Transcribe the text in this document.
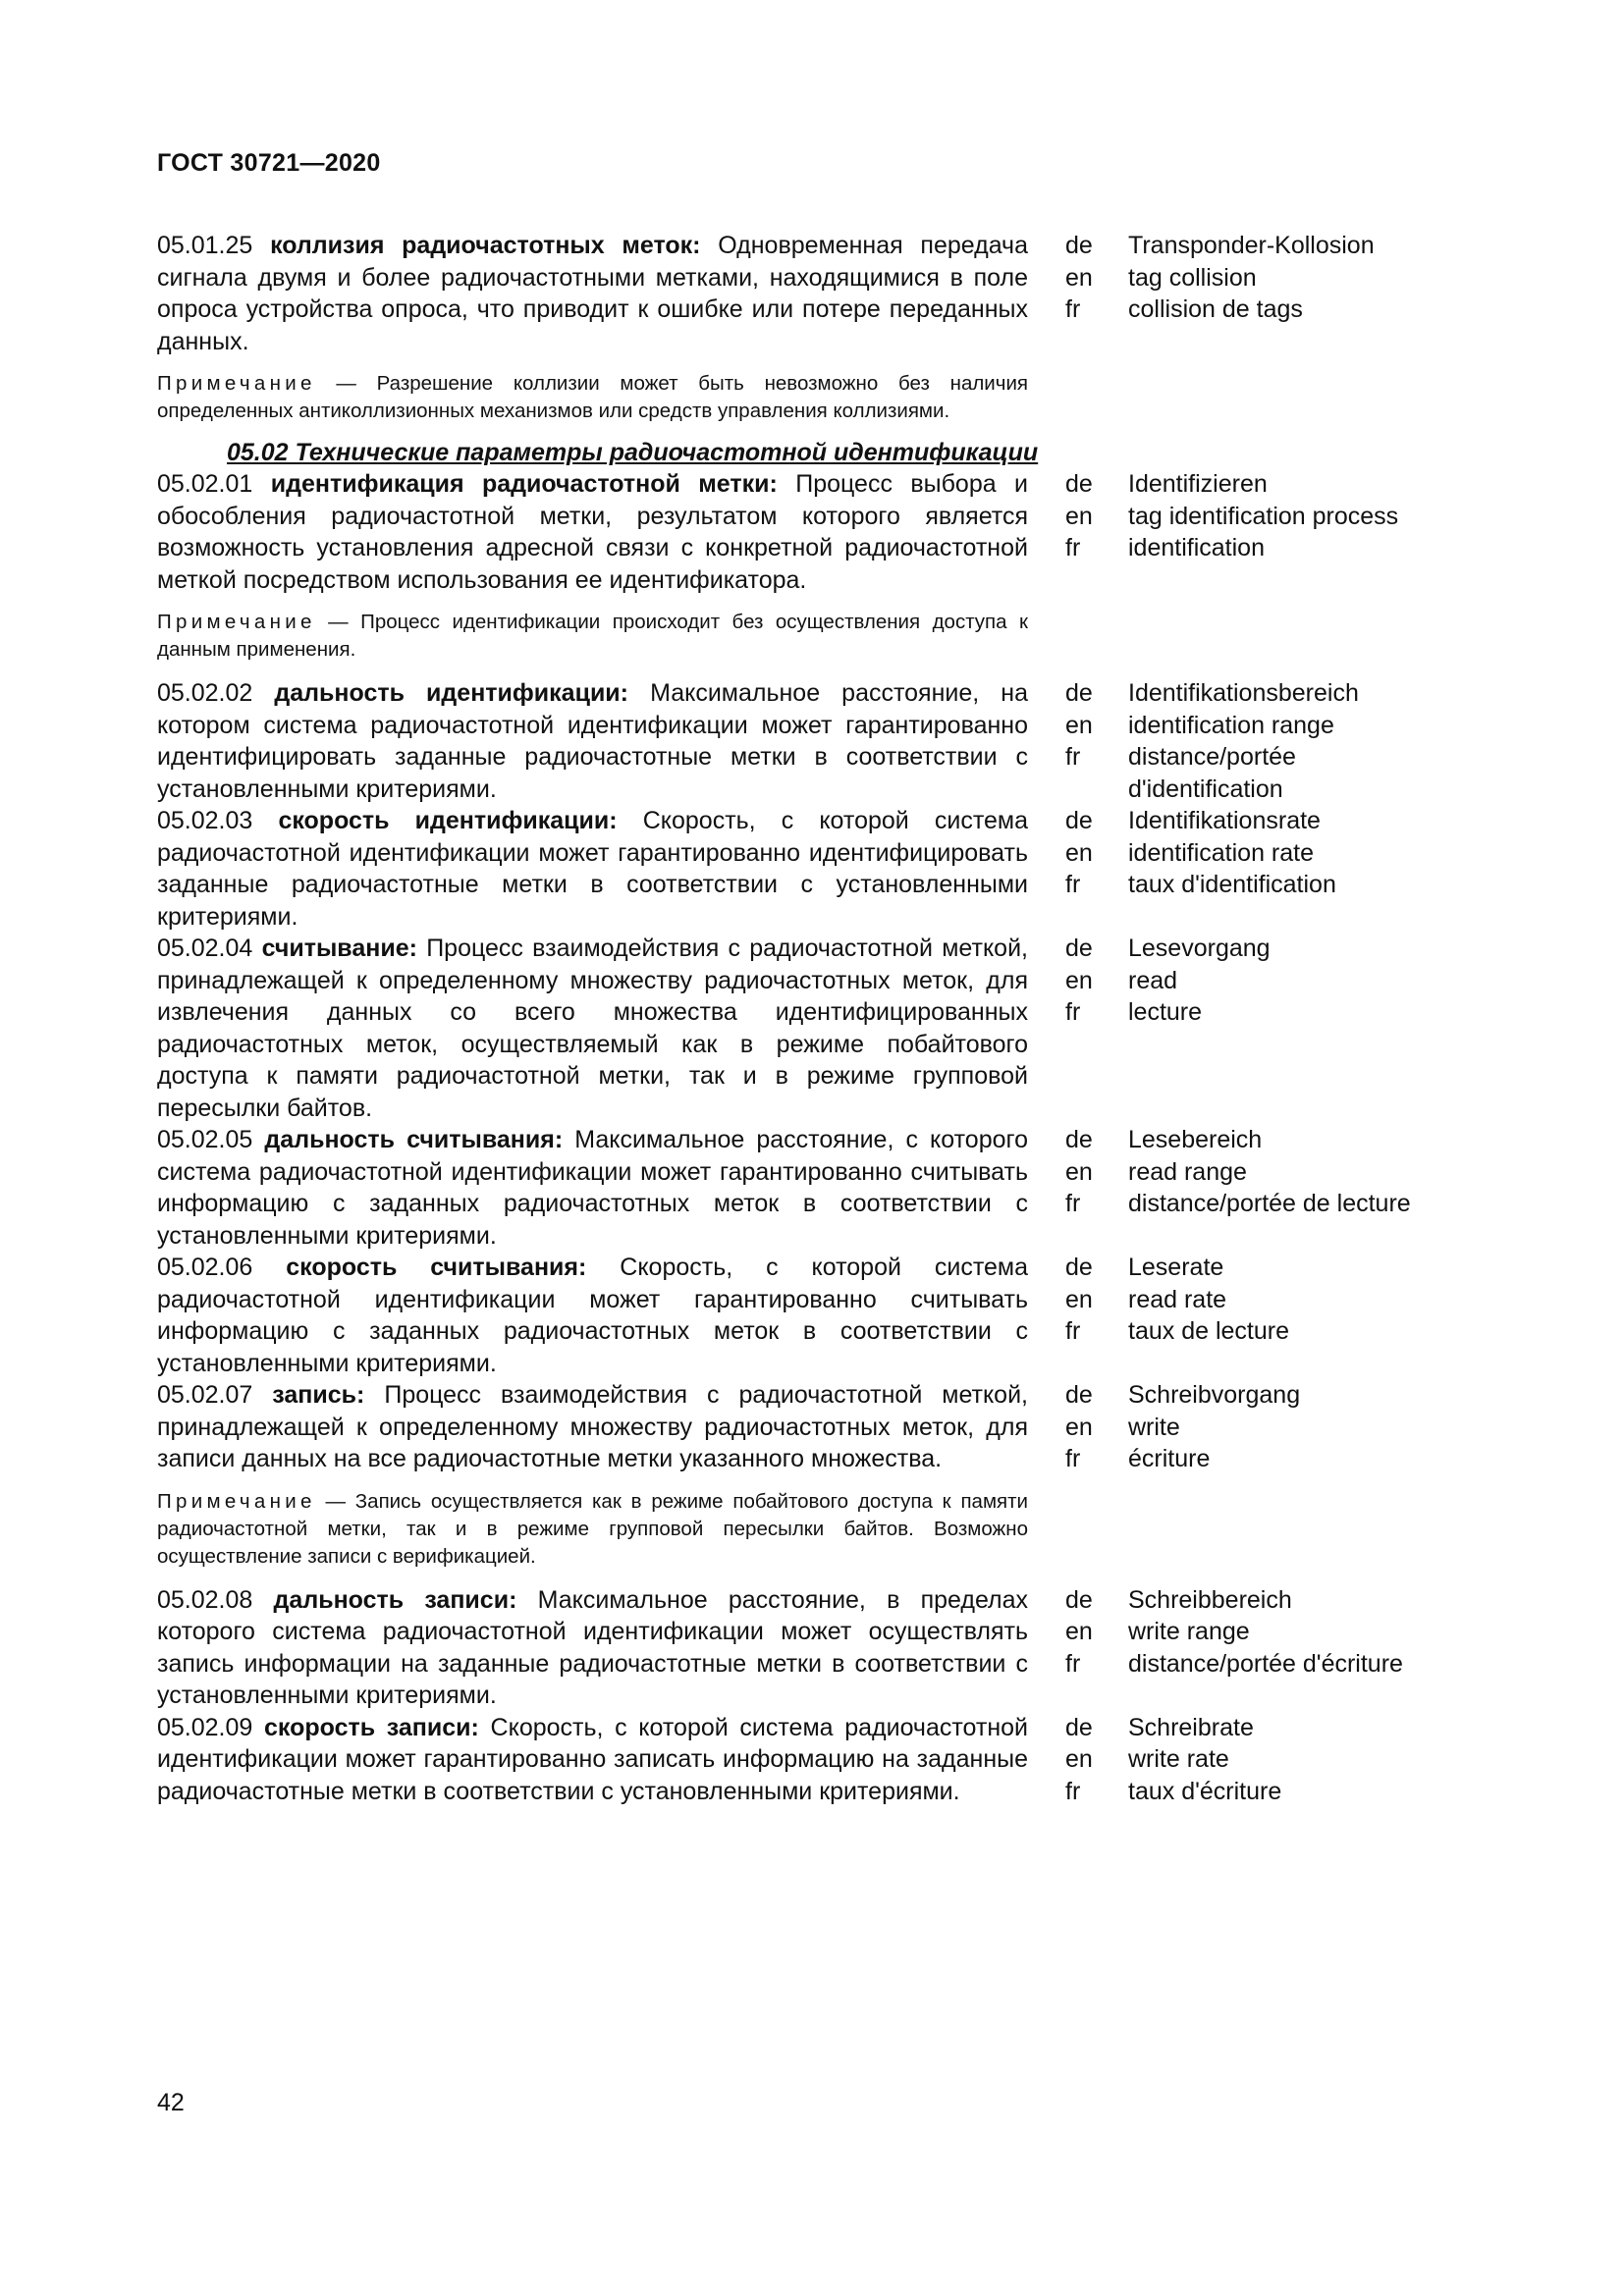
ГОСТ 30721—2020
05.01.25 коллизия радиочастотных меток: Одновременная передача сигнала двумя и более радиочастотными метками, находящимися в поле опроса устройства опроса, что приводит к ошибке или потере переданных данных.
de	Transponder-Kollosion
en	tag collision
fr	collision de tags
Примечание — Разрешение коллизии может быть невозможно без наличия определенных антиколлизионных механизмов или средств управления коллизиями.
05.02 Технические параметры радиочастотной идентификации
05.02.01 идентификация радиочастотной метки: Процесс выбора и обособления радиочастотной метки, результатом которого является возможность установления адресной связи с конкретной радиочастотной меткой посредством использования ее идентификатора.
de	Identifizieren
en	tag identification process
fr	identification
Примечание — Процесс идентификации происходит без осуществления доступа к данным применения.
05.02.02 дальность идентификации: Максимальное расстояние, на котором система радиочастотной идентификации может гарантированно идентифицировать заданные радиочастотные метки в соответствии с установленными критериями.
de	Identifikationsbereich
en	identification range
fr	distance/portée d'identification
05.02.03 скорость идентификации: Скорость, с которой система радиочастотной идентификации может гарантированно идентифицировать заданные радиочастотные метки в соответствии с установленными критериями.
de	Identifikationsrate
en	identification rate
fr	taux d'identification
05.02.04 считывание: Процесс взаимодействия с радиочастотной меткой, принадлежащей к определенному множеству радиочастотных меток, для извлечения данных со всего множества идентифицированных радиочастотных меток, осуществляемый как в режиме побайтового доступа к памяти радиочастотной метки, так и в режиме групповой пересылки байтов.
de	Lesevorgang
en	read
fr	lecture
05.02.05 дальность считывания: Максимальное расстояние, с которого система радиочастотной идентификации может гарантированно считывать информацию с заданных радиочастотных меток в соответствии с установленными критериями.
de	Lesebereich
en	read range
fr	distance/portée de lecture
05.02.06 скорость считывания: Скорость, с которой система радиочастотной идентификации может гарантированно считывать информацию с заданных радиочастотных меток в соответствии с установленными критериями.
de	Leserate
en	read rate
fr	taux de lecture
05.02.07 запись: Процесс взаимодействия с радиочастотной меткой, принадлежащей к определенному множеству радиочастотных меток, для записи данных на все радиочастотные метки указанного множества.
de	Schreibvorgang
en	write
fr	écriture
Примечание — Запись осуществляется как в режиме побайтового доступа к памяти радиочастотной метки, так и в режиме групповой пересылки байтов. Возможно осуществление записи с верификацией.
05.02.08 дальность записи: Максимальное расстояние, в пределах которого система радиочастотной идентификации может осуществлять запись информации на заданные радиочастотные метки в соответствии с установленными критериями.
de	Schreibbereich
en	write range
fr	distance/portée d'écriture
05.02.09 скорость записи: Скорость, с которой система радиочастотной идентификации может гарантированно записать информацию на заданные радиочастотные метки в соответствии с установленными критериями.
de	Schreibrate
en	write rate
fr	taux d'écriture
42
